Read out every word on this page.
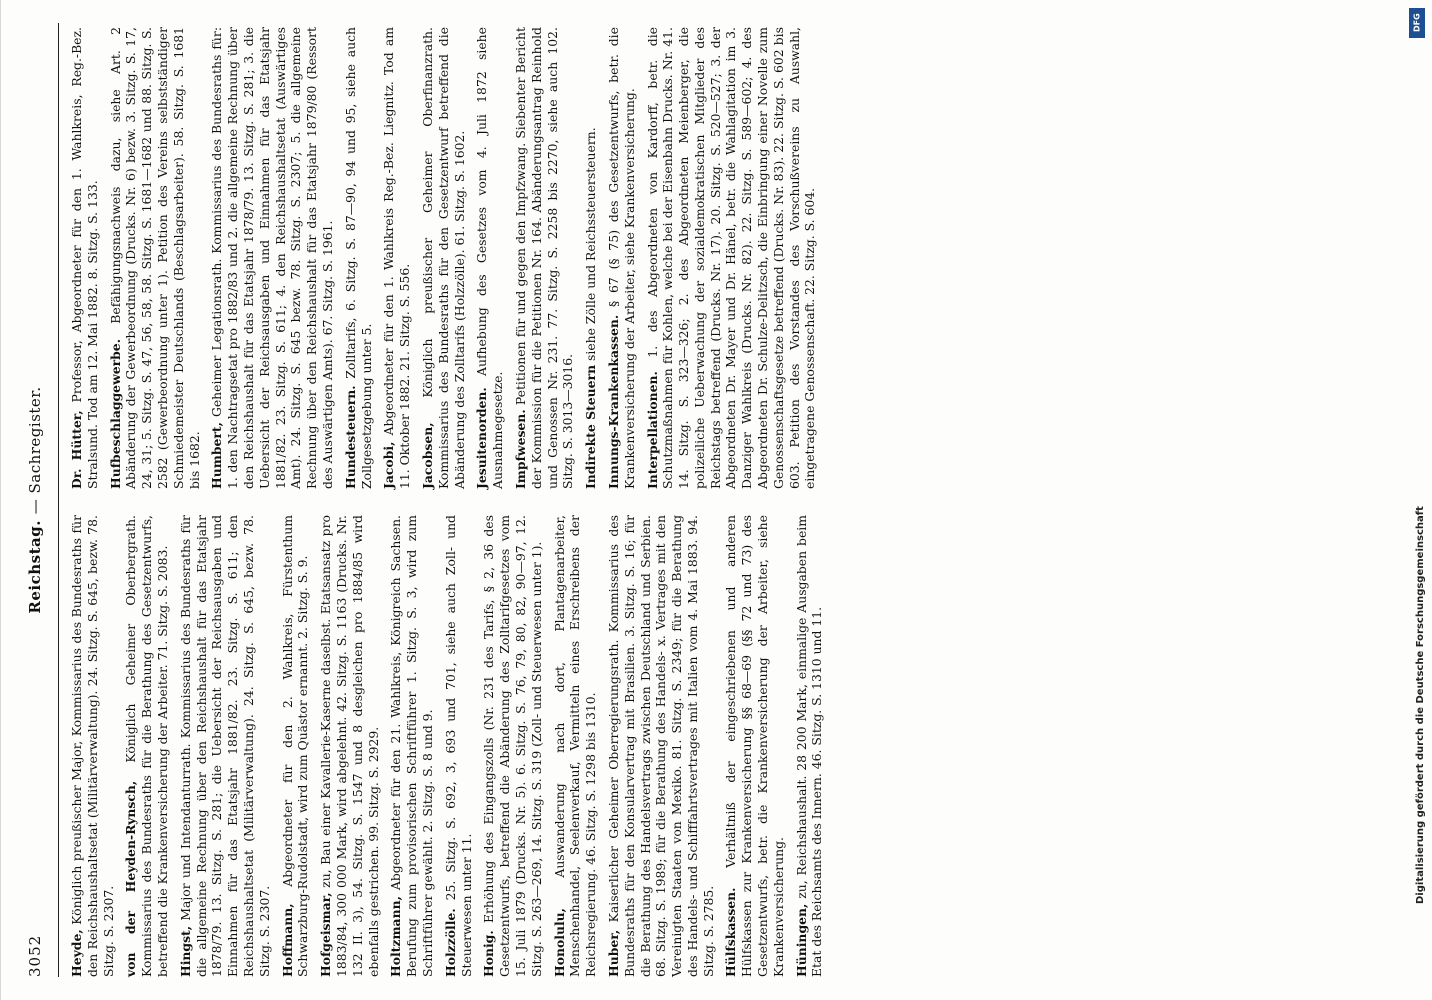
3052
Reichstag. — Sachregister.

Heyde, Königlich preußischer Major, Kommissarius des Bundesraths für den Reichshaushaltsetat (Militärverwaltung). 24. Sitzg. S. 645, bezw. 78. Sitzg. S. 2307. von der Heyden-Rynsch, Königlich Geheimer Oberbergrath. Kommissarius des Bundesraths für die Berathung des Gesetzentwurfs, betreffend die Krankenversicherung der Arbeiter. 71. Sitzg. S. 2083. Hingst, Major und Intendanturrath. Kommissarius des Bundesraths für die allgemeine Rechnung über den Reichshaushalt für das Etatsjahr 1878/79. 13. Sitzg. S. 281; die Uebersicht der Reichsausgaben und Einnahmen für das Etatsjahr 1881/82. 23. Sitzg. S. 611; den Reichshaushaltsetat (Militärverwaltung). 24. Sitzg. S. 645, bezw. 78. Sitzg. S. 2307. Hoffmann, Abgeordneter für den 2. Wahlkreis, Fürstenthum Schwarzburg-Rudolstadt, wird zum Quästor ernannt. 2. Sitzg. S. 9. Hofgeismar, zu, Bau einer Kavallerie-Kaserne daselbst. Etatsansatz pro 1883/84, 300 000 Mark, wird abgelehnt. 42. Sitzg. S. 1163 (Drucks. Nr. 132 II. 3), 54. Sitzg. S. 1547 und 8 desgleichen pro 1884/85 wird ebenfalls gestrichen. 99. Sitzg. S. 2929. Holtzmann, Abgeordneter für den 21. Wahlkreis, Königreich Sachsen. Berufung zum provisorischen Schriftführer 1. Sitzg. S. 3, wird zum Schriftführer gewählt. 2. Sitzg. S. 8 und 9. Holzzölle. 25. Sitzg. S. 692, 3, 693 und 701, siehe auch Zoll- und Steuerwesen unter 11. Honig. Erhöhung des Eingangszolls (Nr. 231 des Tarifs, § 2, 36 des Gesetzentwurfs, betreffend die Abänderung des Zolltarifgesetzes vom 15. Juli 1879 (Drucks. Nr. 5). 6. Sitzg. S. 76, 79, 80, 82, 90—97, 12. Sitzg. S. 263—269, 14. Sitzg. S. 319 (Zoll- und Steuerwesen unter 1). Honolulu, Auswanderung nach dort, Plantagenarbeiter, Menschenhandel, Seelenverkauf, Vermitteln eines Erschreibens der Reichsregierung. 46. Sitzg. S. 1298 bis 1310. Huber, Kaiserlicher Geheimer Oberregierungsrath. Kommissarius des Bundesraths für den Konsularvertrag mit Brasilien. 3. Sitzg. S. 16; für die Berathung des Handelsvertrags zwischen Deutschland und Serbien. 68. Sitzg. S. 1989; für die Berathung des Handels- x. Vertrages mit den Vereinigten Staaten von Mexiko. 81. Sitzg. S. 2349; für die Berathung des Handels- und Schifffahrtsvertrages mit Italien vom 4. Mai 1883. 94. Sitzg. S. 2785. Hülfskassen. Verhältniß der eingeschriebenen und anderen Hülfskassen zur Krankenversicherung §§ 68—69 (§§ 72 und 73) des Gesetzentwurfs, betr. die Krankenversicherung der Arbeiter, siehe Krankenversicherung. Hüningen, zu, Reichshaushalt. 28 200 Mark, einmalige Ausgaben beim Etat des Reichsamts des Innern. 46. Sitzg. S. 1310 und 11.

Dr. Hütter, Professor, Abgeordneter für den 1. Wahlkreis, Reg.-Bez. Stralsund. Tod am 12. Mai 1882. 8. Sitzg. S. 133. Hufbeschlaggewerbe. Befähigungsnachweis dazu, siehe Art. 2 Abänderung der Gewerbeordnung (Drucks. Nr. 6) bezw. 3. Sitzg. S. 17, 24, 31; 5. Sitzg. S. 47, 56, 58, 58. Sitzg. S. 1681—1682 und 88. Sitzg. S. 2582 (Gewerbeordnung unter 1). Petition des Vereins selbstständiger Schmiedemeister Deutschlands (Beschlagsarbeiter). 58. Sitzg. S. 1681 bis 1682. Humbert, Geheimer Legationsrath. Kommissarius des Bundesraths für: 1. den Nachtragsetat pro 1882/83 und 2. die allgemeine Rechnung über den Reichshaushalt für das Etatsjahr 1878/79. 13. Sitzg. S. 281; 3. die Uebersicht der Reichsausgaben und Einnahmen für das Etatsjahr 1881/82. 23. Sitzg. S. 611; 4. den Reichshaushaltsetat (Auswärtiges Amt). 24. Sitzg. S. 645 bezw. 78. Sitzg. S. 2307; 5. die allgemeine Rechnung über den Reichshaushalt für das Etatsjahr 1879/80 (Ressort des Auswärtigen Amts). 67. Sitzg. S. 1961. Hundesteuern. Zolltarifs, 6. Sitzg. S. 87—90, 94 und 95, siehe auch Zollgesetzgebung unter 5. Jacobi, Abgeordneter für den 1. Wahlkreis Reg.-Bez. Liegnitz. Tod am 11. Oktober 1882. 21. Sitzg. S. 556. Jacobsen, Königlich preußischer Geheimer Oberfinanzrath. Kommissarius des Bundesraths für den Gesetzentwurf betreffend die Abänderung des Zolltarifs (Holzzölle). 61. Sitzg. S. 1602. Jesuitenorden. Aufhebung des Gesetzes vom 4. Juli 1872 siehe Ausnahmegesetze. Impfwesen. Petitionen für und gegen den Impfzwang. Siebenter Bericht der Kommission für die Petitionen Nr. 164. Abänderungsantrag Reinhold und Genossen Nr. 231. 77. Sitzg. S. 2258 bis 2270, siehe auch 102. Sitzg. S. 3013—3016. Indirekte Steuern siehe Zölle und Reichssteuersteuern.

Innungs-Krankenkassen. § 67 (§ 75) des Gesetzentwurfs, betr. die Krankenversicherung der Arbeiter, siehe Krankenversicherung. Interpellationen. 1. des Abgeordneten von Kardorff, betr. die Schutzmaßnahmen für Kohlen, welche bei der Eisenbahn Drucks. Nr. 41. 14. Sitzg. S. 323—326; 2. des Abgeordneten Meienberger, die polizeiliche Ueberwachung der sozialdemokratischen Mitglieder des Reichstags betreffend (Drucks. Nr. 17). 20. Sitzg. S. 520—527; 3. der Abgeordneten Dr. Mayer und Dr. Hänel, betr. die Wahlagitation im 3. Danziger Wahlkreis (Drucks. Nr. 82). 22. Sitzg. S. 589—602; 4. des Abgeordneten Dr. Schulze-Delitzsch, die Einbringung einer Novelle zum Genossenschaftsgesetze betreffend (Drucks. Nr. 83). 22. Sitzg. S. 602 bis 603. Petition des Vorstandes des Vorschußvereins zu Auswahl, eingetragene Genossenschaft. 22. Sitzg. S. 604.

DFG
Digitalisierung gefördert durch die Deutsche Forschungsgemeinschaft
